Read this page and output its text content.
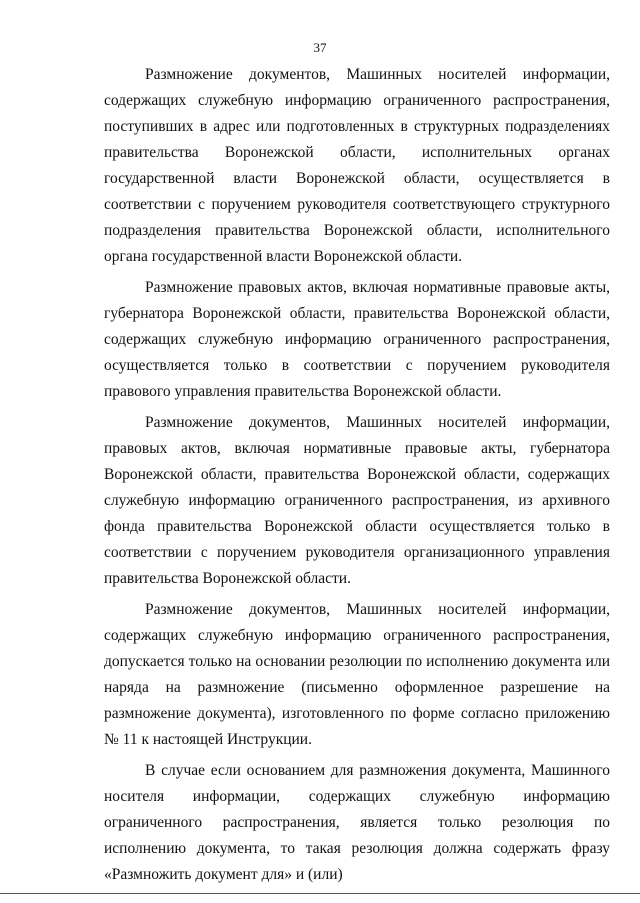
37

Размножение документов, Машинных носителей информации, содержащих служебную информацию ограниченного распространения, поступивших в адрес или подготовленных в структурных подразделениях правительства Воронежской области, исполнительных органах государственной власти Воронежской области, осуществляется в соответствии с поручением руководителя соответствующего структурного подразделения правительства Воронежской области, исполнительного органа государственной власти Воронежской области.

Размножение правовых актов, включая нормативные правовые акты, губернатора Воронежской области, правительства Воронежской области, содержащих служебную информацию ограниченного распространения, осуществляется только в соответствии с поручением руководителя правового управления правительства Воронежской области.

Размножение документов, Машинных носителей информации, правовых актов, включая нормативные правовые акты, губернатора Воронежской области, правительства Воронежской области, содержащих служебную информацию ограниченного распространения, из архивного фонда правительства Воронежской области осуществляется только в соответствии с поручением руководителя организационного управления правительства Воронежской области.

Размножение документов, Машинных носителей информации, содержащих служебную информацию ограниченного распространения, допускается только на основании резолюции по исполнению документа или наряда на размножение (письменно оформленное разрешение на размножение документа), изготовленного по форме согласно приложению № 11 к настоящей Инструкции.

В случае если основанием для размножения документа, Машинного носителя информации, содержащих служебную информацию ограниченного распространения, является только резолюция по исполнению документа, то такая резолюция должна содержать фразу «Размножить документ для» и (или)
